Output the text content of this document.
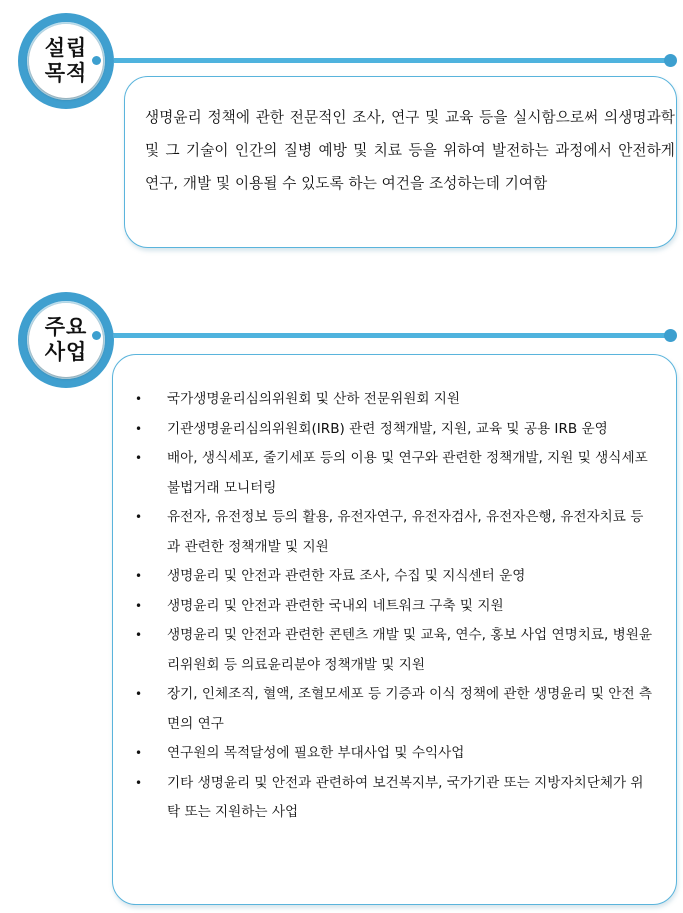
설립
목적
생명윤리 정책에 관한 전문적인 조사, 연구 및 교육 등을 실시함으로써 의생명과학 및 그 기술이 인간의 질병 예방 및 치료 등을 위하여 발전하는 과정에서 안전하게 연구, 개발 및 이용될 수 있도록 하는 여건을 조성하는데 기여함
주요
사업
• 국가생명윤리심의위원회 및 산하 전문위원회 지원
• 기관생명윤리심의위원회(IRB) 관련 정책개발, 지원, 교육 및 공용 IRB 운영
• 배아, 생식세포, 줄기세포 등의 이용 및 연구와 관련한 정책개발, 지원 및 생식세포 불법거래 모니터링
• 유전자, 유전정보 등의 활용, 유전자연구, 유전자검사, 유전자은행, 유전자치료 등과 관련한 정책개발 및 지원
• 생명윤리 및 안전과 관련한 자료 조사, 수집 및 지식센터 운영
• 생명윤리 및 안전과 관련한 국내외 네트워크 구축 및 지원
• 생명윤리 및 안전과 관련한 콘텐츠 개발 및 교육, 연수, 홍보 사업 연명치료, 병원윤리위원회 등 의료윤리분야 정책개발 및 지원
• 장기, 인체조직, 혈액, 조혈모세포 등 기증과 이식 정책에 관한 생명윤리 및 안전 측면의 연구
• 연구원의 목적달성에 필요한 부대사업 및 수익사업
• 기타 생명윤리 및 안전과 관련하여 보건복지부, 국가기관 또는 지방자치단체가 위탁 또는 지원하는 사업
